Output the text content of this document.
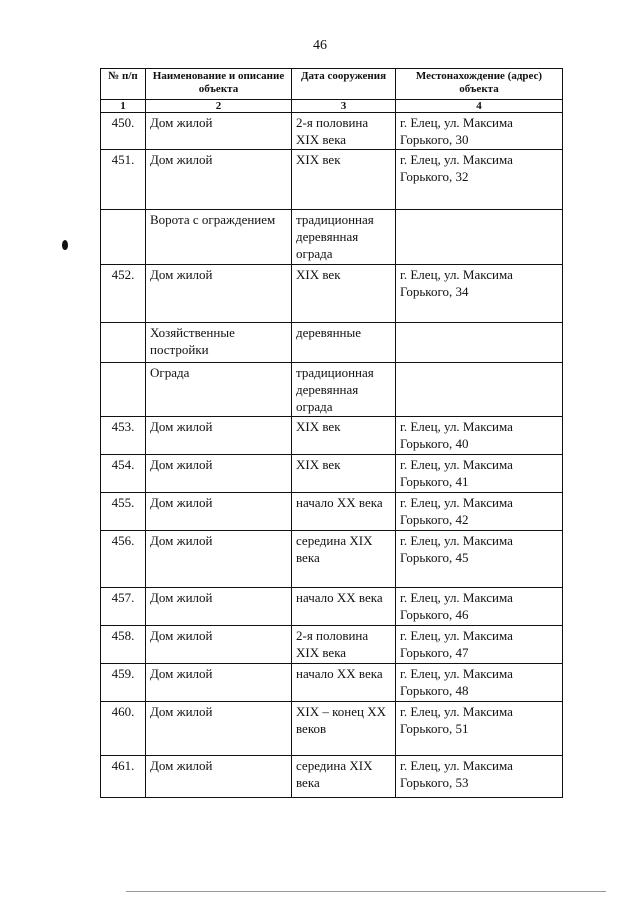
46
№ п/п	Наименование и описание объекта	Дата сооружения	Местонахождение (адрес) объекта
1	2	3	4
450.	Дом жилой	2-я половина XIX века	г. Елец, ул. Максима Горького, 30
451.	Дом жилой	XIX век	г. Елец, ул. Максима Горького, 32
	Ворота с ограждением	традиционная деревянная ограда	
452.	Дом жилой	XIX век	г. Елец, ул. Максима Горького, 34
	Хозяйственные постройки	деревянные	
	Ограда	традиционная деревянная ограда	
453.	Дом жилой	XIX век	г. Елец, ул. Максима Горького, 40
454.	Дом жилой	XIX век	г. Елец, ул. Максима Горького, 41
455.	Дом жилой	начало XX века	г. Елец, ул. Максима Горького, 42
456.	Дом жилой	середина XIX века	г. Елец, ул. Максима Горького, 45
457.	Дом жилой	начало XX века	г. Елец, ул. Максима Горького, 46
458.	Дом жилой	2-я половина XIX века	г. Елец, ул. Максима Горького, 47
459.	Дом жилой	начало XX века	г. Елец, ул. Максима Горького, 48
460.	Дом жилой	XIX – конец XX веков	г. Елец, ул. Максима Горького, 51
461.	Дом жилой	середина XIX века	г. Елец, ул. Максима Горького, 53
